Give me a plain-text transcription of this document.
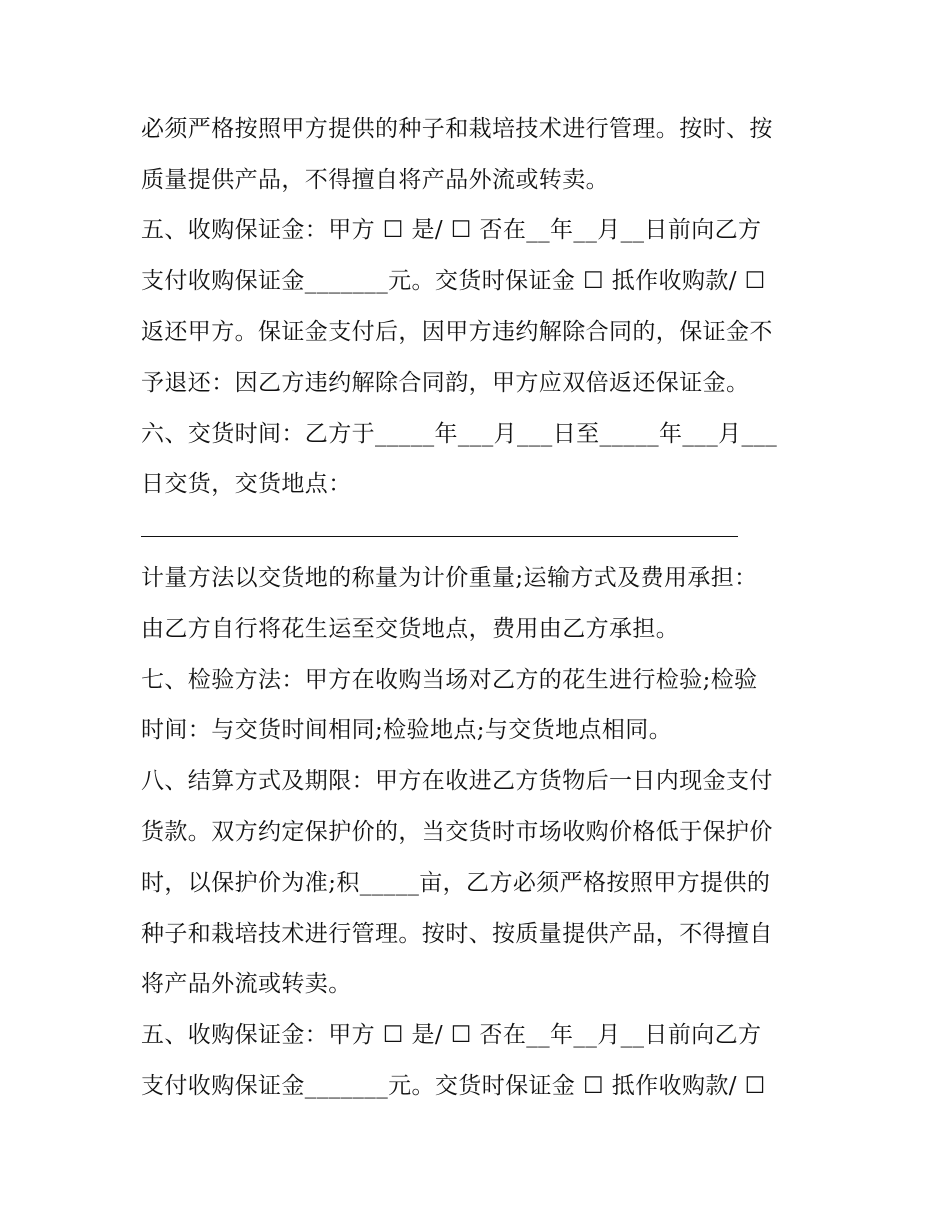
必须严格按照甲方提供的种子和栽培技术进行管理。按时、按
质量提供产品，不得擅自将产品外流或转卖。
五、收购保证金：甲方 ☐ 是/ ☐ 否在__年__月__日前向乙方
支付收购保证金_______元。交货时保证金 ☐ 抵作收购款/ ☐
返还甲方。保证金支付后，因甲方违约解除合同的，保证金不
予退还：因乙方违约解除合同韵，甲方应双倍返还保证金。
六、交货时间：乙方于_____年___月___日至_____年___月___
日交货，交货地点：
计量方法以交货地的称量为计价重量;运输方式及费用承担：
由乙方自行将花生运至交货地点，费用由乙方承担。
七、检验方法：甲方在收购当场对乙方的花生进行检验;检验
时间：与交货时间相同;检验地点;与交货地点相同。
八、结算方式及期限：甲方在收进乙方货物后一日内现金支付
货款。双方约定保护价的，当交货时市场收购价格低于保护价
时，以保护价为准;积_____亩，乙方必须严格按照甲方提供的
种子和栽培技术进行管理。按时、按质量提供产品，不得擅自
将产品外流或转卖。
五、收购保证金：甲方 ☐ 是/ ☐ 否在__年__月__日前向乙方
支付收购保证金_______元。交货时保证金 ☐ 抵作收购款/ ☐
